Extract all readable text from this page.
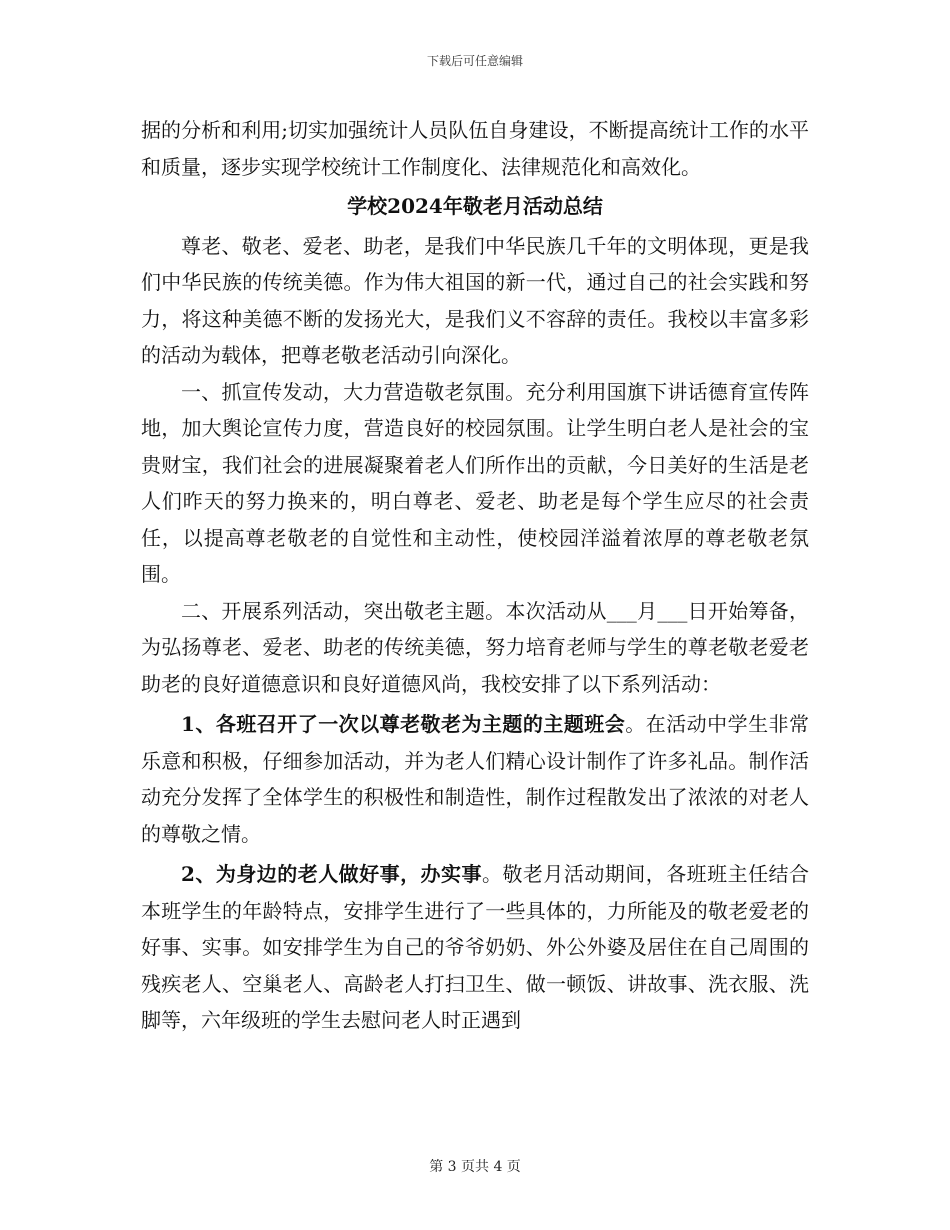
下载后可任意编辑

据的分析和利用;切实加强统计人员队伍自身建设，不断提高统计工作的水平和质量，逐步实现学校统计工作制度化、法律规范化和高效化。

学校2024年敬老月活动总结

尊老、敬老、爱老、助老，是我们中华民族几千年的文明体现，更是我们中华民族的传统美德。作为伟大祖国的新一代，通过自己的社会实践和努力，将这种美德不断的发扬光大，是我们义不容辞的责任。我校以丰富多彩的活动为载体，把尊老敬老活动引向深化。

一、抓宣传发动，大力营造敬老氛围。充分利用国旗下讲话德育宣传阵地，加大舆论宣传力度，营造良好的校园氛围。让学生明白老人是社会的宝贵财宝，我们社会的进展凝聚着老人们所作出的贡献，今日美好的生活是老人们昨天的努力换来的，明白尊老、爱老、助老是每个学生应尽的社会责任，以提高尊老敬老的自觉性和主动性，使校园洋溢着浓厚的尊老敬老氛围。

二、开展系列活动，突出敬老主题。本次活动从___月___日开始筹备，为弘扬尊老、爱老、助老的传统美德，努力培育老师与学生的尊老敬老爱老助老的良好道德意识和良好道德风尚，我校安排了以下系列活动：

1、各班召开了一次以尊老敬老为主题的主题班会。在活动中学生非常乐意和积极，仔细参加活动，并为老人们精心设计制作了许多礼品。制作活动充分发挥了全体学生的积极性和制造性，制作过程散发出了浓浓的对老人的尊敬之情。

2、为身边的老人做好事，办实事。敬老月活动期间，各班班主任结合本班学生的年龄特点，安排学生进行了一些具体的，力所能及的敬老爱老的好事、实事。如安排学生为自己的爷爷奶奶、外公外婆及居住在自己周围的残疾老人、空巢老人、高龄老人打扫卫生、做一顿饭、讲故事、洗衣服、洗脚等，六年级班的学生去慰问老人时正遇到

第 3 页共 4 页
